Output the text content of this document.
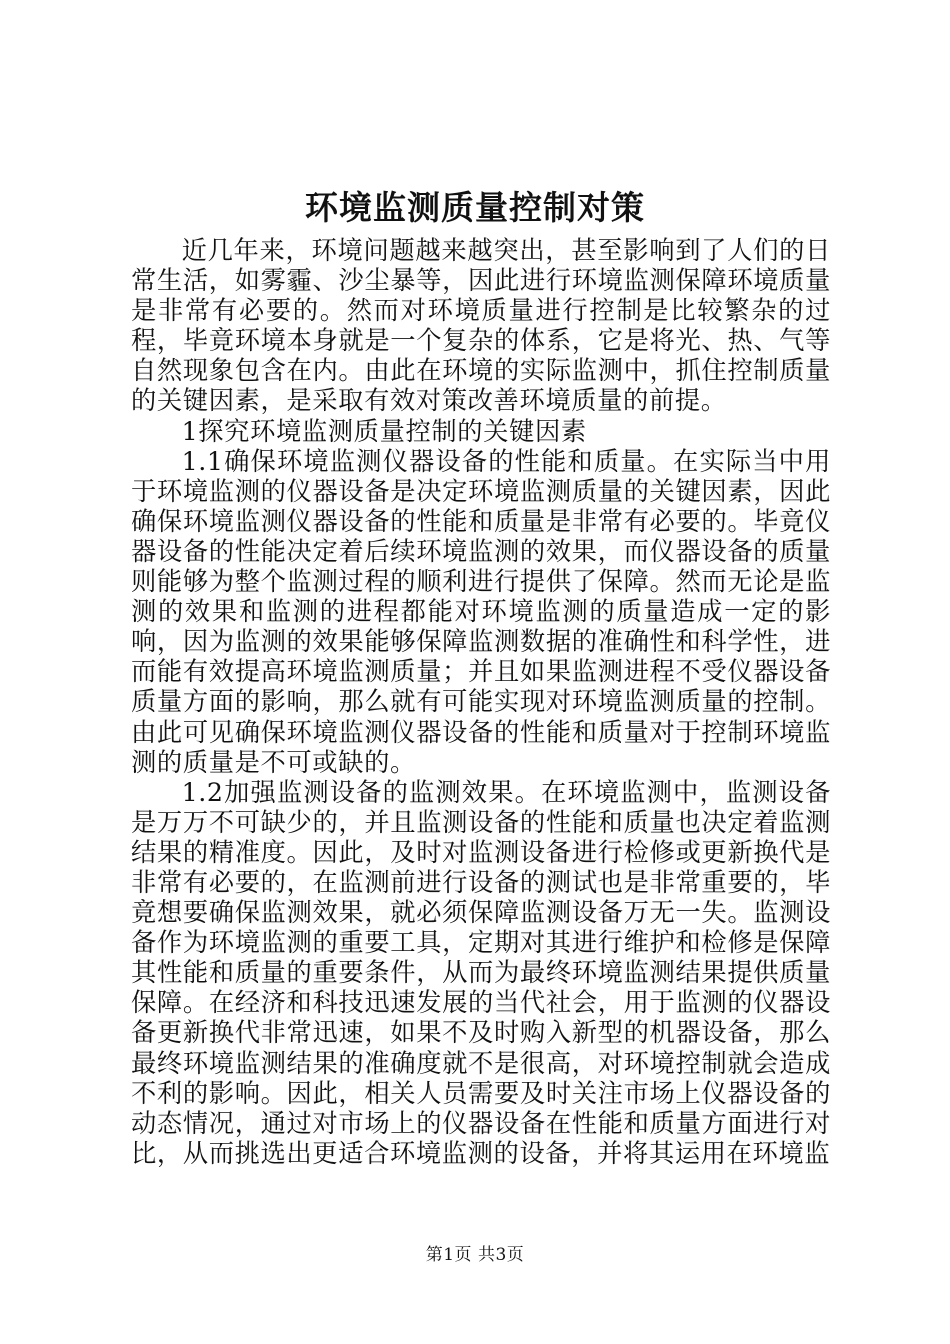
环境监测质量控制对策

近几年来，环境问题越来越突出，甚至影响到了人们的日常生活，如雾霾、沙尘暴等，因此进行环境监测保障环境质量是非常有必要的。然而对环境质量进行控制是比较繁杂的过程，毕竟环境本身就是一个复杂的体系，它是将光、热、气等自然现象包含在内。由此在环境的实际监测中，抓住控制质量的关键因素，是采取有效对策改善环境质量的前提。

1探究环境监测质量控制的关键因素

1.1确保环境监测仪器设备的性能和质量。在实际当中用于环境监测的仪器设备是决定环境监测质量的关键因素，因此确保环境监测仪器设备的性能和质量是非常有必要的。毕竟仪器设备的性能决定着后续环境监测的效果，而仪器设备的质量则能够为整个监测过程的顺利进行提供了保障。然而无论是监测的效果和监测的进程都能对环境监测的质量造成一定的影响，因为监测的效果能够保障监测数据的准确性和科学性，进而能有效提高环境监测质量；并且如果监测进程不受仪器设备质量方面的影响，那么就有可能实现对环境监测质量的控制。由此可见确保环境监测仪器设备的性能和质量对于控制环境监测的质量是不可或缺的。

1.2加强监测设备的监测效果。在环境监测中，监测设备是万万不可缺少的，并且监测设备的性能和质量也决定着监测结果的精准度。因此，及时对监测设备进行检修或更新换代是非常有必要的，在监测前进行设备的测试也是非常重要的，毕竟想要确保监测效果，就必须保障监测设备万无一失。监测设备作为环境监测的重要工具，定期对其进行维护和检修是保障其性能和质量的重要条件，从而为最终环境监测结果提供质量保障。在经济和科技迅速发展的当代社会，用于监测的仪器设备更新换代非常迅速，如果不及时购入新型的机器设备，那么最终环境监测结果的准确度就不是很高，对环境控制就会造成不利的影响。因此，相关人员需要及时关注市场上仪器设备的动态情况，通过对市场上的仪器设备在性能和质量方面进行对比，从而挑选出更适合环境监测的设备，并将其运用在环境监

第1页 共3页
